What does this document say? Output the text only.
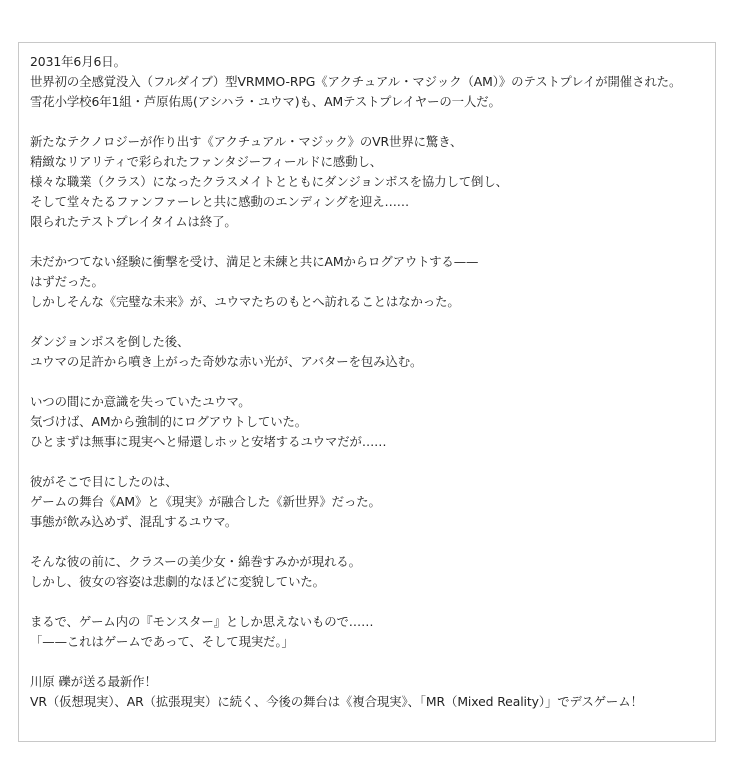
2031年6月6日。
世界初の全感覚没入（フルダイブ）型VRMMO-RPG《アクチュアル・マジック（AM）》のテストプレイが開催された。
雪花小学校6年1組・芦原佑馬(アシハラ・ユウマ)も、AMテストプレイヤーの一人だ。

新たなテクノロジーが作り出す《アクチュアル・マジック》のVR世界に驚き、
精緻なリアリティで彩られたファンタジーフィールドに感動し、
様々な職業（クラス）になったクラスメイトとともにダンジョンボスを協力して倒し、
そして堂々たるファンファーレと共に感動のエンディングを迎え……
限られたテストプレイタイムは終了。

未だかつてない経験に衝撃を受け、満足と未練と共にAMからログアウトする——
はずだった。
しかしそんな《完璧な未来》が、ユウマたちのもとへ訪れることはなかった。

ダンジョンボスを倒した後、
ユウマの足許から噴き上がった奇妙な赤い光が、アバターを包み込む。

いつの間にか意識を失っていたユウマ。
気づけば、AMから強制的にログアウトしていた。
ひとまずは無事に現実へと帰還しホッと安堵するユウマだが……

彼がそこで目にしたのは、
ゲームの舞台《AM》と《現実》が融合した《新世界》だった。
事態が飲み込めず、混乱するユウマ。

そんな彼の前に、クラスーの美少女・綿巻すみかが現れる。
しかし、彼女の容姿は悲劇的なほどに変貌していた。

まるで、ゲーム内の『モンスター』としか思えないもので……
「——これはゲームであって、そして現実だ。」

川原 礫が送る最新作！
VR（仮想現実）、AR（拡張現実）に続く、今後の舞台は《複合現実》、「MR（Mixed Reality）」でデスゲーム！
